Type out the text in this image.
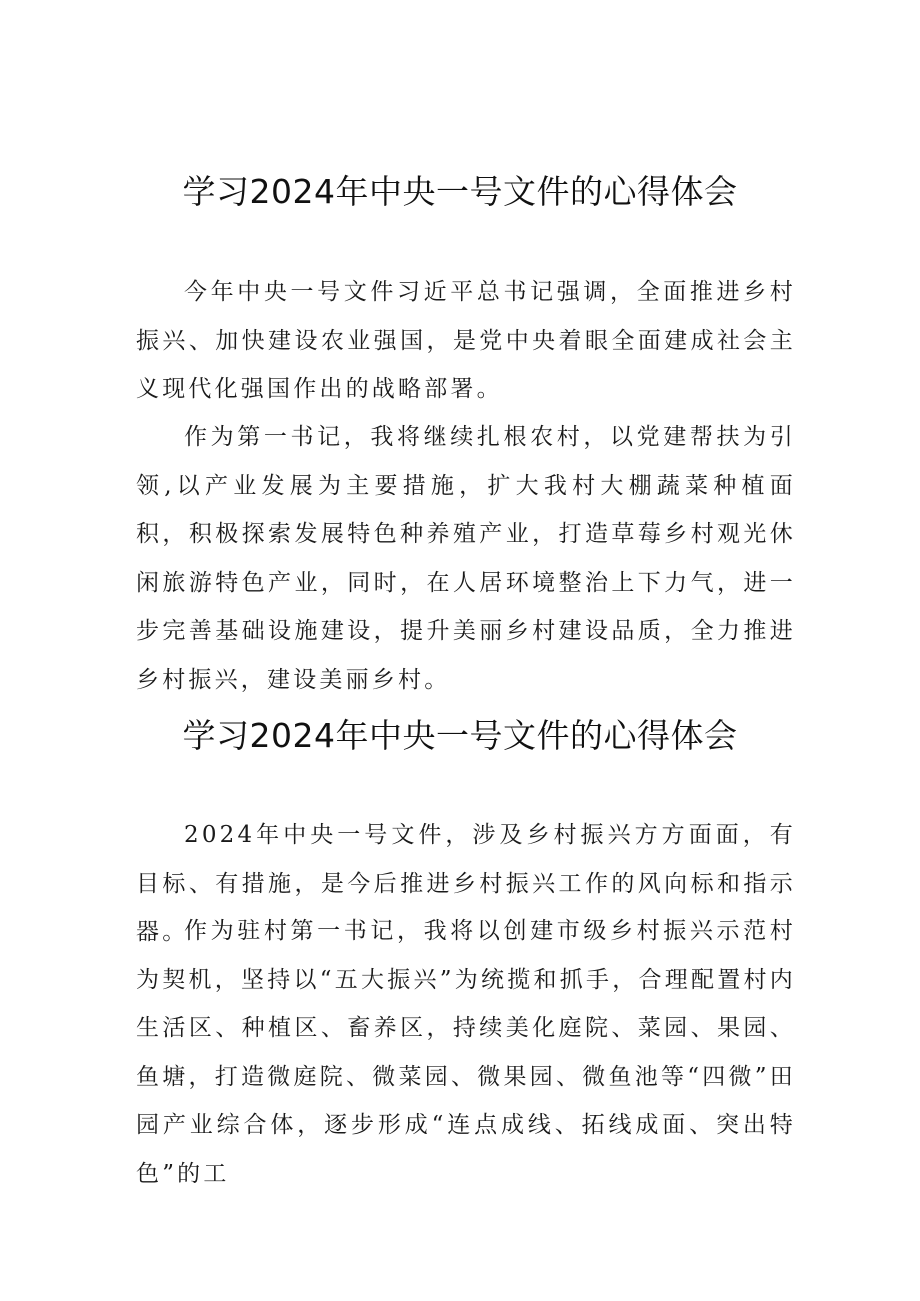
学习2024年中央一号文件的心得体会

今年中央一号文件习近平总书记强调，全面推进乡村振兴、加快建设农业强国，是党中央着眼全面建成社会主义现代化强国作出的战略部署。

作为第一书记，我将继续扎根农村，以党建帮扶为引领,以产业发展为主要措施，扩大我村大棚蔬菜种植面积，积极探索发展特色种养殖产业，打造草莓乡村观光休闲旅游特色产业，同时，在人居环境整治上下力气，进一步完善基础设施建设，提升美丽乡村建设品质，全力推进乡村振兴，建设美丽乡村。

学习2024年中央一号文件的心得体会

2024年中央一号文件，涉及乡村振兴方方面面，有目标、有措施，是今后推进乡村振兴工作的风向标和指示器。

作为驻村第一书记，我将以创建市级乡村振兴示范村为契机，坚持以“五大振兴”为统揽和抓手，合理配置村内生活区、种植区、畜养区，持续美化庭院、菜园、果园、鱼塘，打造微庭院、微菜园、微果园、微鱼池等“四微”田园产业综合体，逐步形成“连点成线、拓线成面、突出特色”的工
